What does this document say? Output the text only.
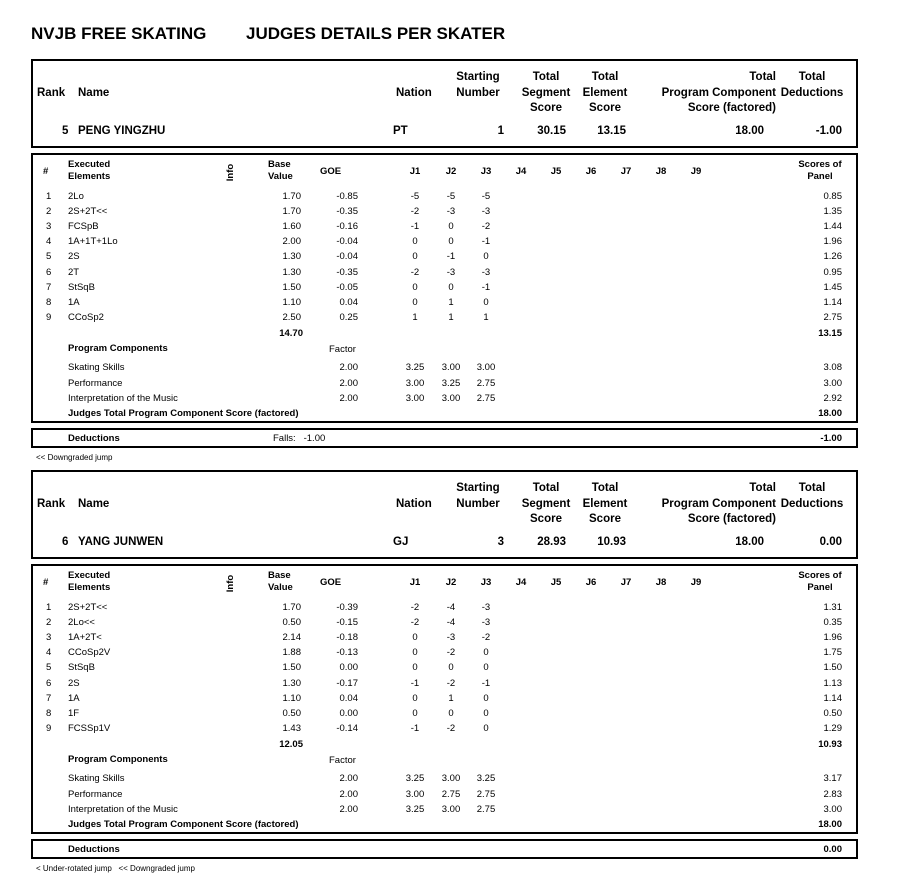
NVJB FREE SKATING JUDGES DETAILS PER SKATER
Rank Name	Nation
Starting
Number
Total
Segment
Score
Total
Element
Score
Total
Program Component
Score (factored)
Total
Deductions
5 PENG YINGZHU	PT	1	30.15	13.15	18.00	-1.00
#
Executed
Elements	Info	Base
Value	GOE	J1	J2	J3	J4	J5	J6	J7	J8	J9
Scores of
Panel
1 2Lo	1.70	-0.85	-5	-5	-5	0.85
2 2S+2T<<	1.70	-0.35	-2	-3	-3	1.35
3 FCSpB	1.60	-0.16	-1	0	-2	1.44
4 1A+1T+1Lo	2.00	-0.04	0	0	-1	1.96
5 2S	1.30	-0.04	0	-1	0	1.26
6 2T	1.30	-0.35	-2	-3	-3	0.95
7 StSqB	1.50	-0.05	0	0	-1	1.45
8 1A	1.10	0.04	0	1	0	1.14
9 CCoSp2	2.50	0.25	1	1	1	2.75
14.70	13.15
Program Components	Factor
Skating Skills	2.00	3.25	3.00	3.00	3.08
Performance	2.00	3.00	3.25	2.75	3.00
Interpretation of the Music	2.00	3.00	3.00	2.75	2.92
Judges Total Program Component Score (factored)	18.00
Deductions	Falls:   -1.00	-1.00
<< Downgraded jump
Rank Name	Nation
Starting
Number
Total
Segment
Score
Total
Element
Score
Total
Program Component
Score (factored)
Total
Deductions
6 YANG JUNWEN	GJ	3	28.93	10.93	18.00	0.00
#
Executed
Elements	Info	Base
Value	GOE	J1	J2	J3	J4	J5	J6	J7	J8	J9
Scores of
Panel
1 2S+2T<<	1.70	-0.39	-2	-4	-3	1.31
2 2Lo<<	0.50	-0.15	-2	-4	-3	0.35
3 1A+2T<	2.14	-0.18	0	-3	-2	1.96
4 CCoSp2V	1.88	-0.13	0	-2	0	1.75
5 StSqB	1.50	0.00	0	0	0	1.50
6 2S	1.30	-0.17	-1	-2	-1	1.13
7 1A	1.10	0.04	0	1	0	1.14
8 1F	0.50	0.00	0	0	0	0.50
9 FCSSp1V	1.43	-0.14	-1	-2	0	1.29
12.05	10.93
Program Components	Factor
Skating Skills	2.00	3.25	3.00	3.25	3.17
Performance	2.00	3.00	2.75	2.75	2.83
Interpretation of the Music	2.00	3.25	3.00	2.75	3.00
Judges Total Program Component Score (factored)	18.00
Deductions	0.00
< Under-rotated jump   << Downgraded jump
